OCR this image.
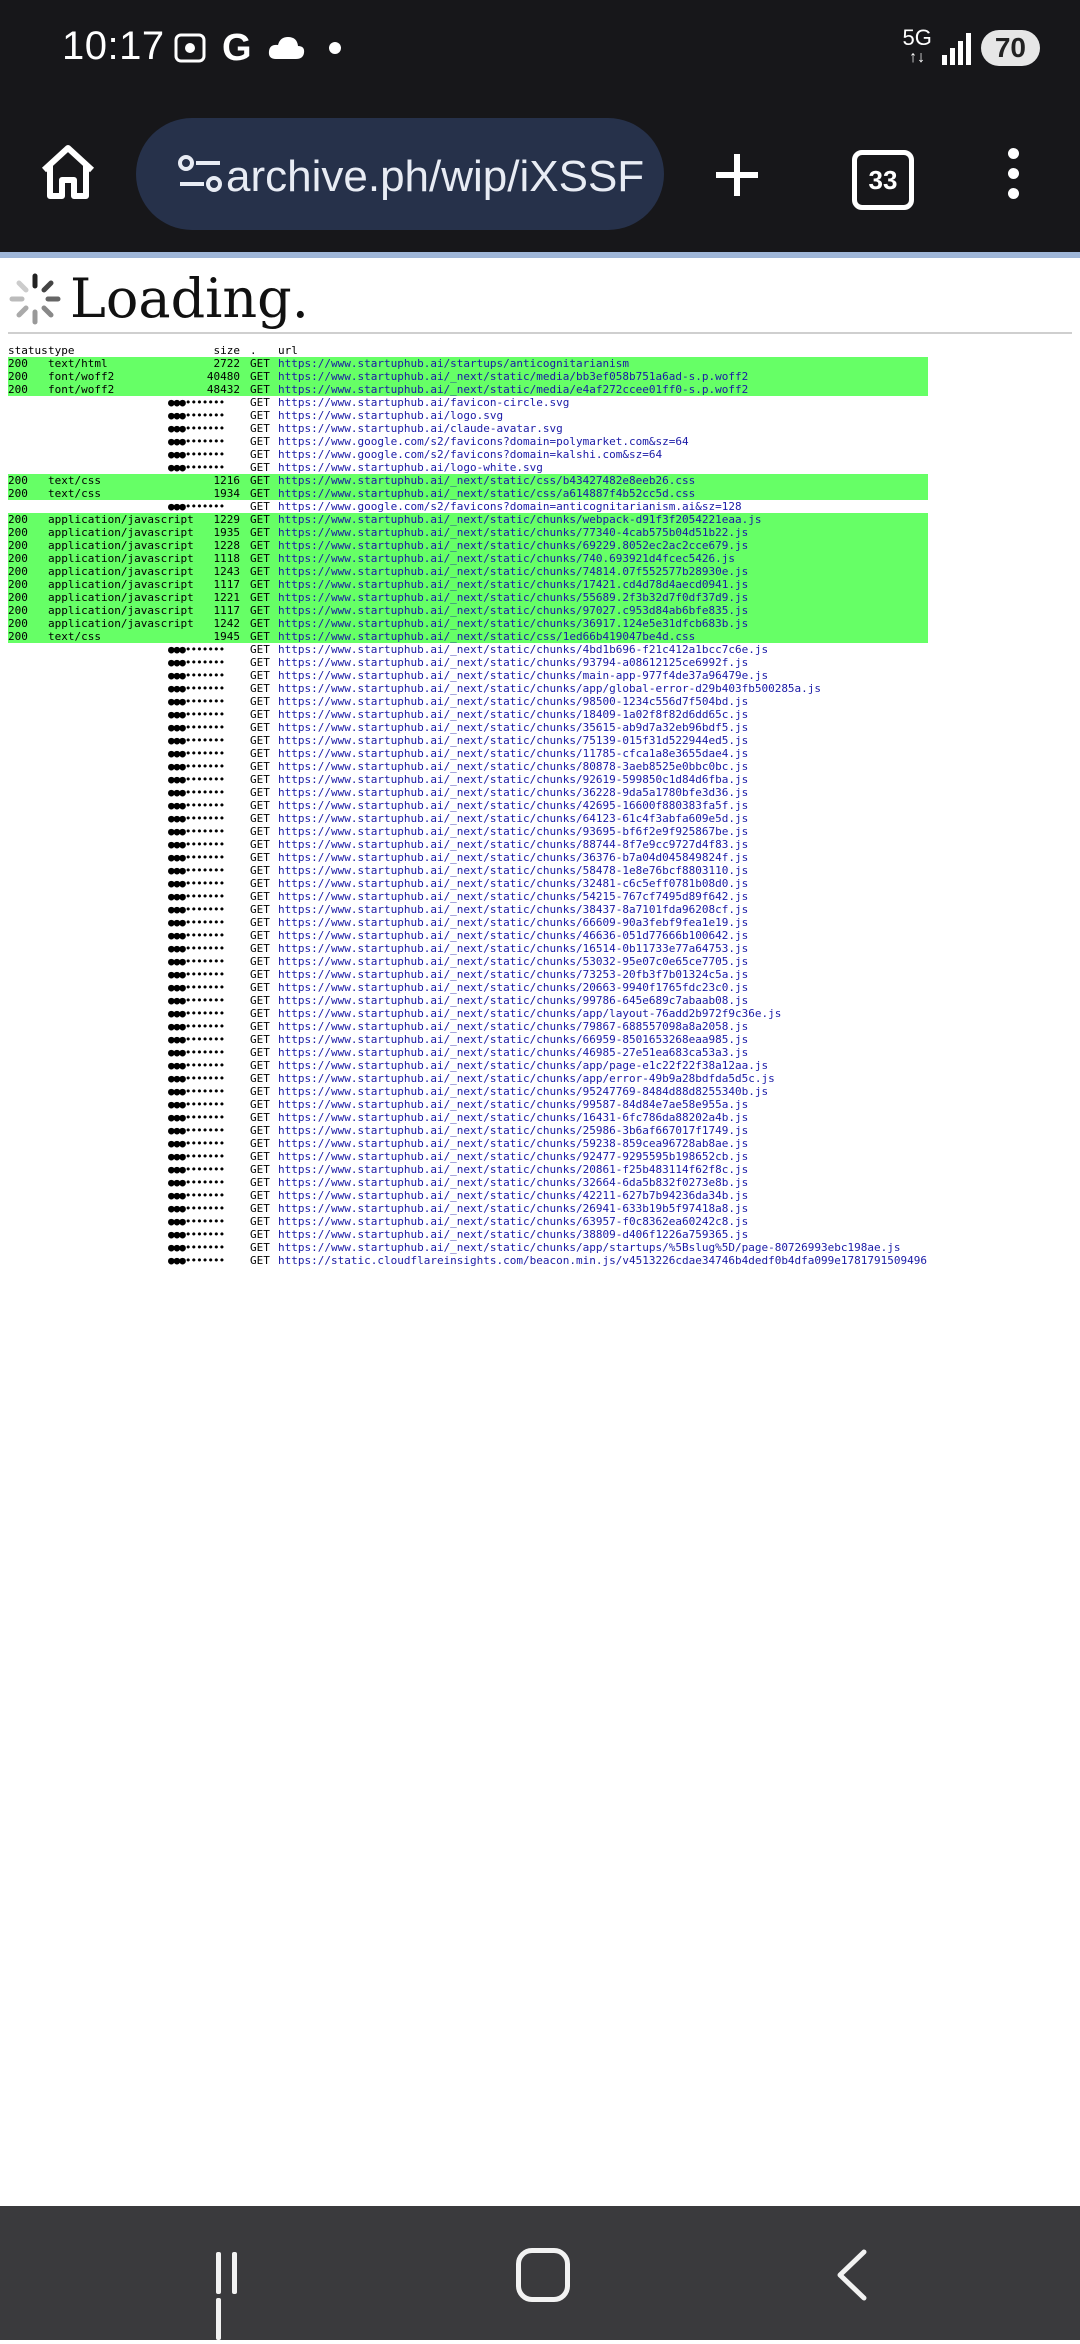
10:17 G	5G
↑↓	70
archive.ph/wip/iXSSF	33
Loading.
status type	size . url
200	text/html	2722 GET https://www.startuphub.ai/startups/anticognitarianism
200	font/woff2	40480 GET https://www.startuphub.ai/_next/static/media/bb3ef058b751a6ad-s.p.woff2
200	font/woff2	48432 GET https://www.startuphub.ai/_next/static/media/e4af272ccee01ff0-s.p.woff2
●●●•••••••	GET https://www.startuphub.ai/favicon-circle.svg
●●●•••••••	GET https://www.startuphub.ai/logo.svg
●●●•••••••	GET https://www.startuphub.ai/claude-avatar.svg
●●●•••••••	GET https://www.google.com/s2/favicons?domain=polymarket.com&sz=64
●●●•••••••	GET https://www.google.com/s2/favicons?domain=kalshi.com&sz=64
●●●•••••••	GET https://www.startuphub.ai/logo-white.svg
200	text/css	1216 GET https://www.startuphub.ai/_next/static/css/b43427482e8eeb26.css
200	text/css	1934 GET https://www.startuphub.ai/_next/static/css/a614887f4b52cc5d.css
●●●•••••••	GET https://www.google.com/s2/favicons?domain=anticognitarianism.ai&sz=128
200	application/javascript	1229 GET https://www.startuphub.ai/_next/static/chunks/webpack-d91f3f2054221eaa.js
200	application/javascript	1935 GET https://www.startuphub.ai/_next/static/chunks/77340-4cab575b04d51b22.js
200	application/javascript	1228 GET https://www.startuphub.ai/_next/static/chunks/69229.8052ec2ac2cce679.js
200	application/javascript	1118 GET https://www.startuphub.ai/_next/static/chunks/740.693921d4fcec5426.js
200	application/javascript	1243 GET https://www.startuphub.ai/_next/static/chunks/74814.07f552577b28930e.js
200	application/javascript	1117 GET https://www.startuphub.ai/_next/static/chunks/17421.cd4d78d4aecd0941.js
200	application/javascript	1221 GET https://www.startuphub.ai/_next/static/chunks/55689.2f3b32d7f0df37d9.js
200	application/javascript	1117 GET https://www.startuphub.ai/_next/static/chunks/97027.c953d84ab6bfe835.js
200	application/javascript	1242 GET https://www.startuphub.ai/_next/static/chunks/36917.124e5e31dfcb683b.js
200	text/css	1945 GET https://www.startuphub.ai/_next/static/css/1ed66b419047be4d.css
●●●•••••••	GET https://www.startuphub.ai/_next/static/chunks/4bd1b696-f21c412a1bcc7c6e.js
●●●•••••••	GET https://www.startuphub.ai/_next/static/chunks/93794-a08612125ce6992f.js
●●●•••••••	GET https://www.startuphub.ai/_next/static/chunks/main-app-977f4de37a96479e.js
●●●•••••••	GET https://www.startuphub.ai/_next/static/chunks/app/global-error-d29b403fb500285a.js
●●●•••••••	GET https://www.startuphub.ai/_next/static/chunks/98500-1234c556d7f504bd.js
●●●•••••••	GET https://www.startuphub.ai/_next/static/chunks/18409-1a02f8f82d6dd65c.js
●●●•••••••	GET https://www.startuphub.ai/_next/static/chunks/35615-ab9d7a32eb96bdf5.js
●●●•••••••	GET https://www.startuphub.ai/_next/static/chunks/75139-015f31d522944ed5.js
●●●•••••••	GET https://www.startuphub.ai/_next/static/chunks/11785-cfca1a8e3655dae4.js
●●●•••••••	GET https://www.startuphub.ai/_next/static/chunks/80878-3aeb8525e0bbc0bc.js
●●●•••••••	GET https://www.startuphub.ai/_next/static/chunks/92619-599850c1d84d6fba.js
●●●•••••••	GET https://www.startuphub.ai/_next/static/chunks/36228-9da5a1780bfe3d36.js
●●●•••••••	GET https://www.startuphub.ai/_next/static/chunks/42695-16600f880383fa5f.js
●●●•••••••	GET https://www.startuphub.ai/_next/static/chunks/64123-61c4f3abfa609e5d.js
●●●•••••••	GET https://www.startuphub.ai/_next/static/chunks/93695-bf6f2e9f925867be.js
●●●•••••••	GET https://www.startuphub.ai/_next/static/chunks/88744-8f7e9cc9727d4f83.js
●●●•••••••	GET https://www.startuphub.ai/_next/static/chunks/36376-b7a04d045849824f.js
●●●•••••••	GET https://www.startuphub.ai/_next/static/chunks/58478-1e8e76bcf8803110.js
●●●•••••••	GET https://www.startuphub.ai/_next/static/chunks/32481-c6c5eff0781b08d0.js
●●●•••••••	GET https://www.startuphub.ai/_next/static/chunks/54215-767cf7495d89f642.js
●●●•••••••	GET https://www.startuphub.ai/_next/static/chunks/38437-8a7101fda96208cf.js
●●●•••••••	GET https://www.startuphub.ai/_next/static/chunks/66609-90a3febf9fea1e19.js
●●●•••••••	GET https://www.startuphub.ai/_next/static/chunks/46636-051d77666b100642.js
●●●•••••••	GET https://www.startuphub.ai/_next/static/chunks/16514-0b11733e77a64753.js
●●●•••••••	GET https://www.startuphub.ai/_next/static/chunks/53032-95e07c0e65ce7705.js
●●●•••••••	GET https://www.startuphub.ai/_next/static/chunks/73253-20fb3f7b01324c5a.js
●●●•••••••	GET https://www.startuphub.ai/_next/static/chunks/20663-9940f1765fdc23c0.js
●●●•••••••	GET https://www.startuphub.ai/_next/static/chunks/99786-645e689c7abaab08.js
●●●•••••••	GET https://www.startuphub.ai/_next/static/chunks/app/layout-76add2b972f9c36e.js
●●●•••••••	GET https://www.startuphub.ai/_next/static/chunks/79867-688557098a8a2058.js
●●●•••••••	GET https://www.startuphub.ai/_next/static/chunks/66959-8501653268eaa985.js
●●●•••••••	GET https://www.startuphub.ai/_next/static/chunks/46985-27e51ea683ca53a3.js
●●●•••••••	GET https://www.startuphub.ai/_next/static/chunks/app/page-e1c22f22f38a12aa.js
●●●•••••••	GET https://www.startuphub.ai/_next/static/chunks/app/error-49b9a28bdfda5d5c.js
●●●•••••••	GET https://www.startuphub.ai/_next/static/chunks/95247769-8484d88d8255340b.js
●●●•••••••	GET https://www.startuphub.ai/_next/static/chunks/99587-84d84e7ae58e955a.js
●●●•••••••	GET https://www.startuphub.ai/_next/static/chunks/16431-6fc786da88202a4b.js
●●●•••••••	GET https://www.startuphub.ai/_next/static/chunks/25986-3b6af667017f1749.js
●●●•••••••	GET https://www.startuphub.ai/_next/static/chunks/59238-859cea96728ab8ae.js
●●●•••••••	GET https://www.startuphub.ai/_next/static/chunks/92477-9295595b198652cb.js
●●●•••••••	GET https://www.startuphub.ai/_next/static/chunks/20861-f25b483114f62f8c.js
●●●•••••••	GET https://www.startuphub.ai/_next/static/chunks/32664-6da5b832f0273e8b.js
●●●•••••••	GET https://www.startuphub.ai/_next/static/chunks/42211-627b7b94236da34b.js
●●●•••••••	GET https://www.startuphub.ai/_next/static/chunks/26941-633b19b5f97418a8.js
●●●•••••••	GET https://www.startuphub.ai/_next/static/chunks/63957-f0c8362ea60242c8.js
●●●•••••••	GET https://www.startuphub.ai/_next/static/chunks/38809-d406f1226a759365.js
●●●•••••••	GET https://www.startuphub.ai/_next/static/chunks/app/startups/%5Bslug%5D/page-80726993ebc198ae.js
●●●•••••••	GET https://static.cloudflareinsights.com/beacon.min.js/v4513226cdae34746b4dedf0b4dfa099e1781791509496
